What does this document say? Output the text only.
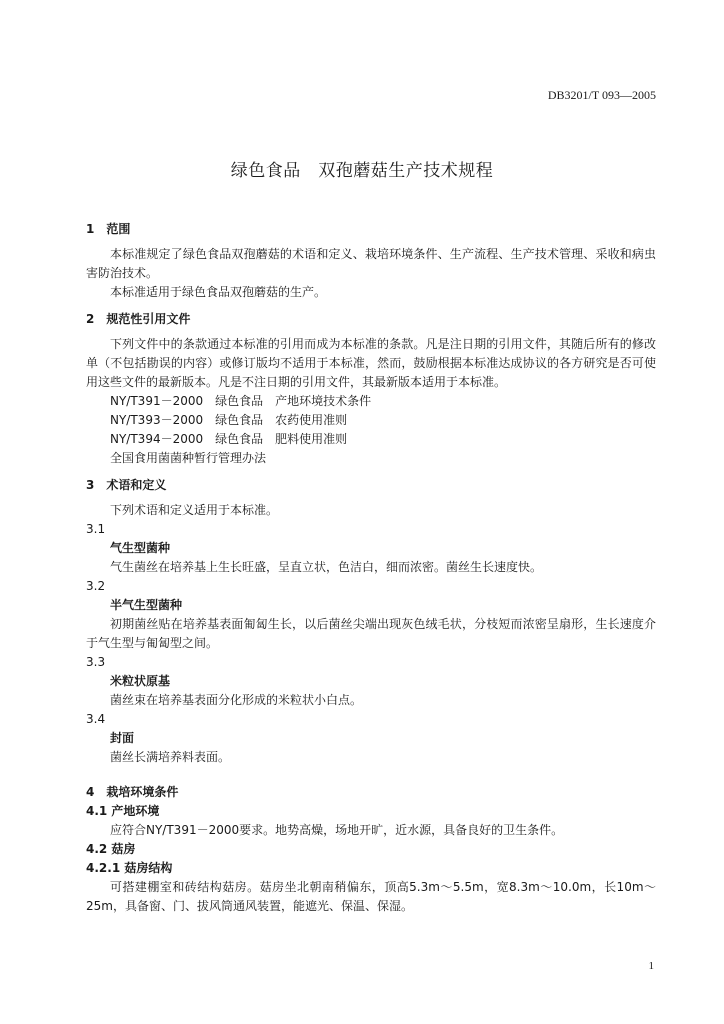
DB3201/T 093—2005
绿色食品　双孢蘑菇生产技术规程

1　范围

本标准规定了绿色食品双孢蘑菇的术语和定义、栽培环境条件、生产流程、生产技术管理、采收和病虫害防治技术。

本标准适用于绿色食品双孢蘑菇的生产。

2　规范性引用文件

下列文件中的条款通过本标准的引用而成为本标准的条款。凡是注日期的引用文件，其随后所有的修改单（不包括勘误的内容）或修订版均不适用于本标准，然而，鼓励根据本标准达成协议的各方研究是否可使用这些文件的最新版本。凡是不注日期的引用文件，其最新版本适用于本标准。

NY/T391－2000　绿色食品　产地环境技术条件

NY/T393－2000　绿色食品　农药使用准则

NY/T394－2000　绿色食品　肥料使用准则

全国食用菌菌种暂行管理办法

3　术语和定义

下列术语和定义适用于本标准。

3.1

气生型菌种

气生菌丝在培养基上生长旺盛，呈直立状，色洁白，细而浓密。菌丝生长速度快。

3.2

半气生型菌种

初期菌丝贴在培养基表面匍匐生长，以后菌丝尖端出现灰色绒毛状，分枝短而浓密呈扇形，生长速度介于气生型与匍匐型之间。

3.3

米粒状原基

菌丝束在培养基表面分化形成的米粒状小白点。

3.4

封面

菌丝长满培养料表面。

4　栽培环境条件

4.1 产地环境

应符合NY/T391－2000要求。地势高燥，场地开旷，近水源，具备良好的卫生条件。

4.2 菇房

4.2.1 菇房结构

可搭建棚室和砖结构菇房。菇房坐北朝南稍偏东，顶高5.3m～5.5m，宽8.3m～10.0m，长10m～25m，具备窗、门、拔风筒通风装置，能遮光、保温、保湿。

1
